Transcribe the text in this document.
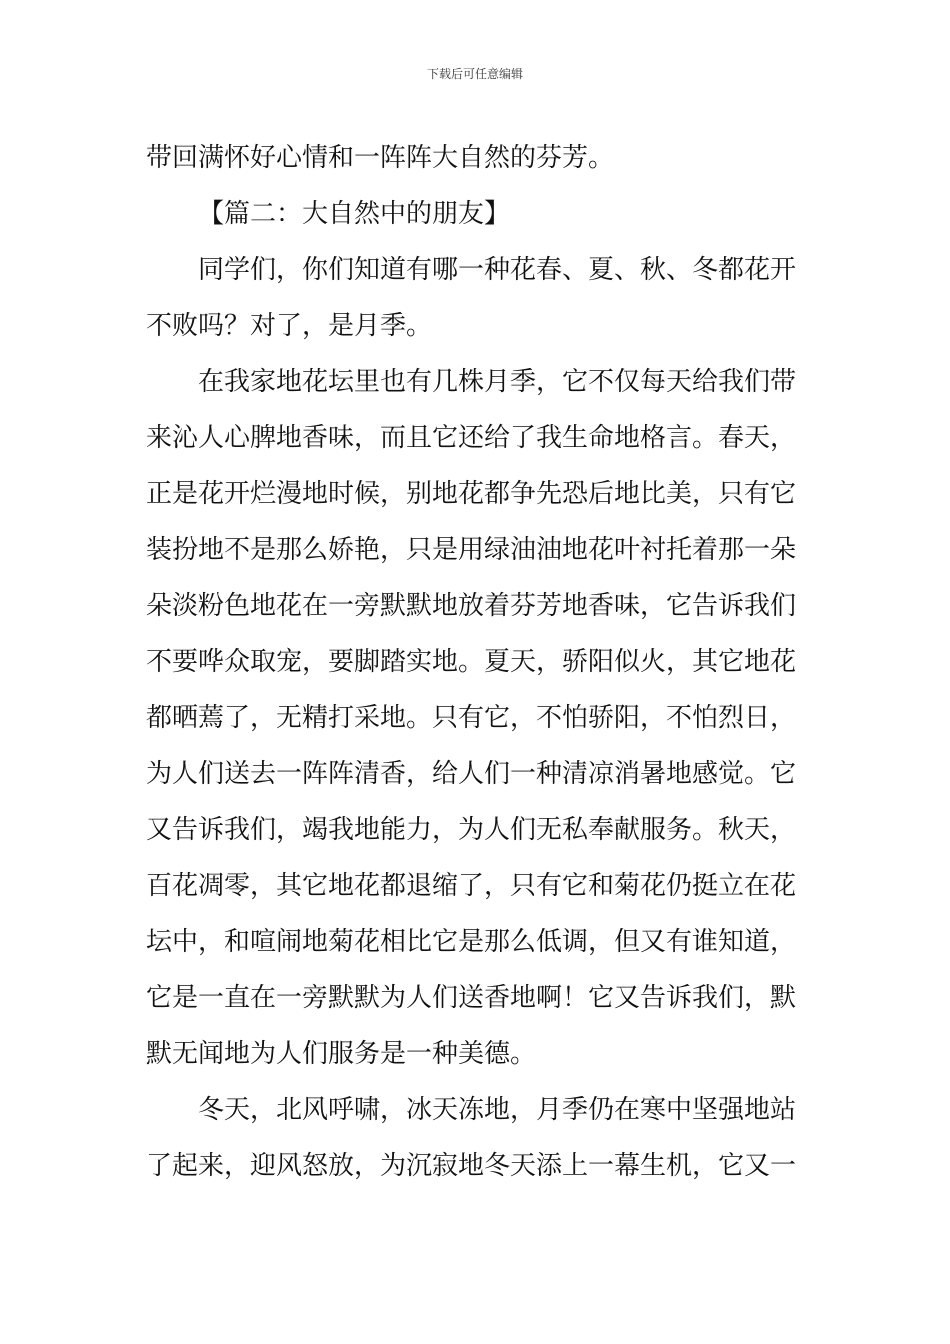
下载后可任意编辑
带回满怀好心情和一阵阵大自然的芬芳。
【篇二：大自然中的朋友】
同学们，你们知道有哪一种花春、夏、秋、冬都花开
不败吗？对了，是月季。
在我家地花坛里也有几株月季，它不仅每天给我们带
来沁人心脾地香味，而且它还给了我生命地格言。春天，
正是花开烂漫地时候，别地花都争先恐后地比美，只有它
装扮地不是那么娇艳，只是用绿油油地花叶衬托着那一朵
朵淡粉色地花在一旁默默地放着芬芳地香味，它告诉我们
不要哗众取宠，要脚踏实地。夏天，骄阳似火，其它地花
都晒蔫了，无精打采地。只有它，不怕骄阳，不怕烈日，
为人们送去一阵阵清香，给人们一种清凉消暑地感觉。它
又告诉我们，竭我地能力，为人们无私奉献服务。秋天，
百花凋零，其它地花都退缩了，只有它和菊花仍挺立在花
坛中，和喧闹地菊花相比它是那么低调，但又有谁知道，
它是一直在一旁默默为人们送香地啊！它又告诉我们，默
默无闻地为人们服务是一种美德。
冬天，北风呼啸，冰天冻地，月季仍在寒中坚强地站
了起来，迎风怒放，为沉寂地冬天添上一幕生机，它又一
